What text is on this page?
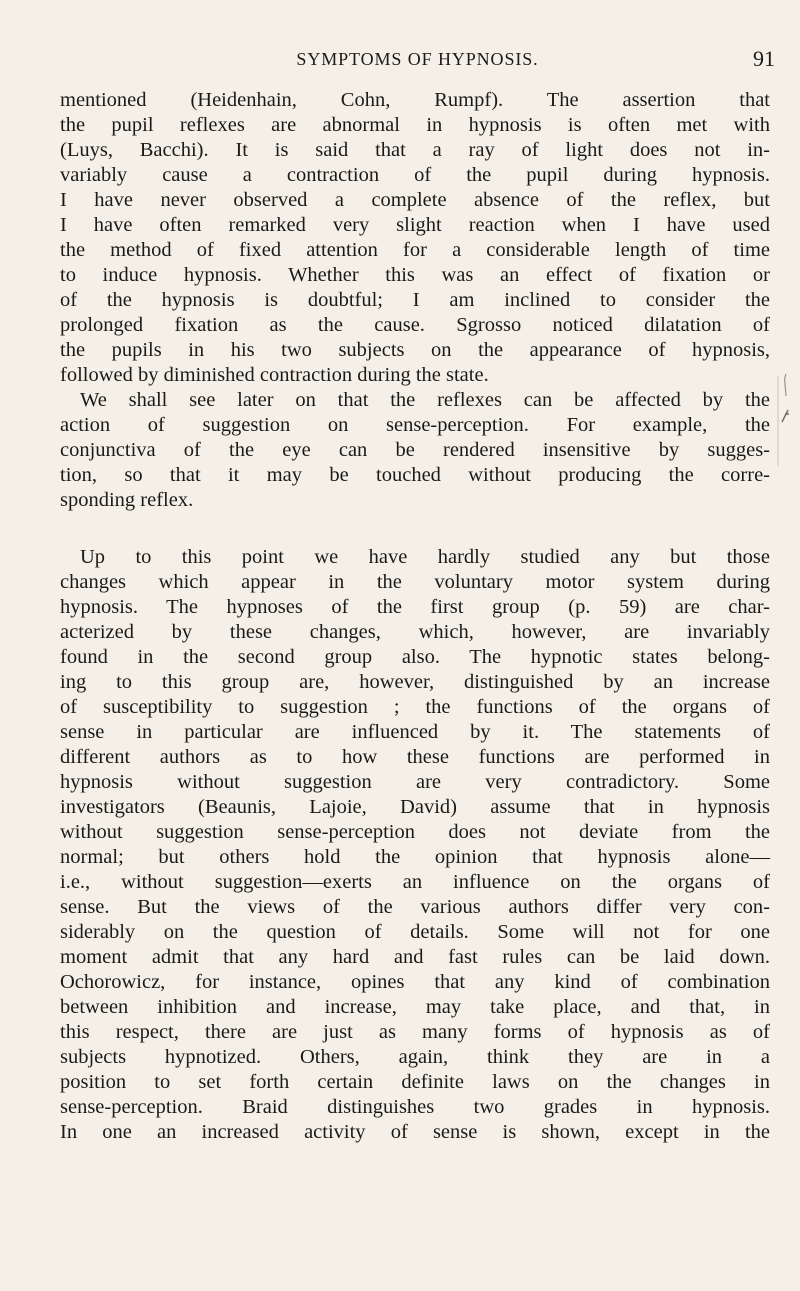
SYMPTOMS OF HYPNOSIS.	91
mentioned (Heidenhain, Cohn, Rumpf). The assertion that
the pupil reflexes are abnormal in hypnosis is often met with
(Luys, Bacchi). It is said that a ray of light does not in-
variably cause a contraction of the pupil during hypnosis.
I have never observed a complete absence of the reflex, but
I have often remarked very slight reaction when I have used
the method of fixed attention for a considerable length of time
to induce hypnosis. Whether this was an effect of fixation or
of the hypnosis is doubtful; I am inclined to consider the
prolonged fixation as the cause. Sgrosso noticed dilatation of
the pupils in his two subjects on the appearance of hypnosis,
followed by diminished contraction during the state.
We shall see later on that the reflexes can be affected by the
action of suggestion on sense-perception. For example, the
conjunctiva of the eye can be rendered insensitive by sugges-
tion, so that it may be touched without producing the corre-
sponding reflex.
Up to this point we have hardly studied any but those
changes which appear in the voluntary motor system during
hypnosis. The hypnoses of the first group (p. 59) are char-
acterized by these changes, which, however, are invariably
found in the second group also. The hypnotic states belong-
ing to this group are, however, distinguished by an increase
of susceptibility to suggestion ; the functions of the organs of
sense in particular are influenced by it. The statements of
different authors as to how these functions are performed in
hypnosis without suggestion are very contradictory. Some
investigators (Beaunis, Lajoie, David) assume that in hypnosis
without suggestion sense-perception does not deviate from the
normal; but others hold the opinion that hypnosis alone—
i.e., without suggestion—exerts an influence on the organs of
sense. But the views of the various authors differ very con-
siderably on the question of details. Some will not for one
moment admit that any hard and fast rules can be laid down.
Ochorowicz, for instance, opines that any kind of combination
between inhibition and increase, may take place, and that, in
this respect, there are just as many forms of hypnosis as of
subjects hypnotized. Others, again, think they are in a
position to set forth certain definite laws on the changes in
sense-perception. Braid distinguishes two grades in hypnosis.
In one an increased activity of sense is shown, except in the
